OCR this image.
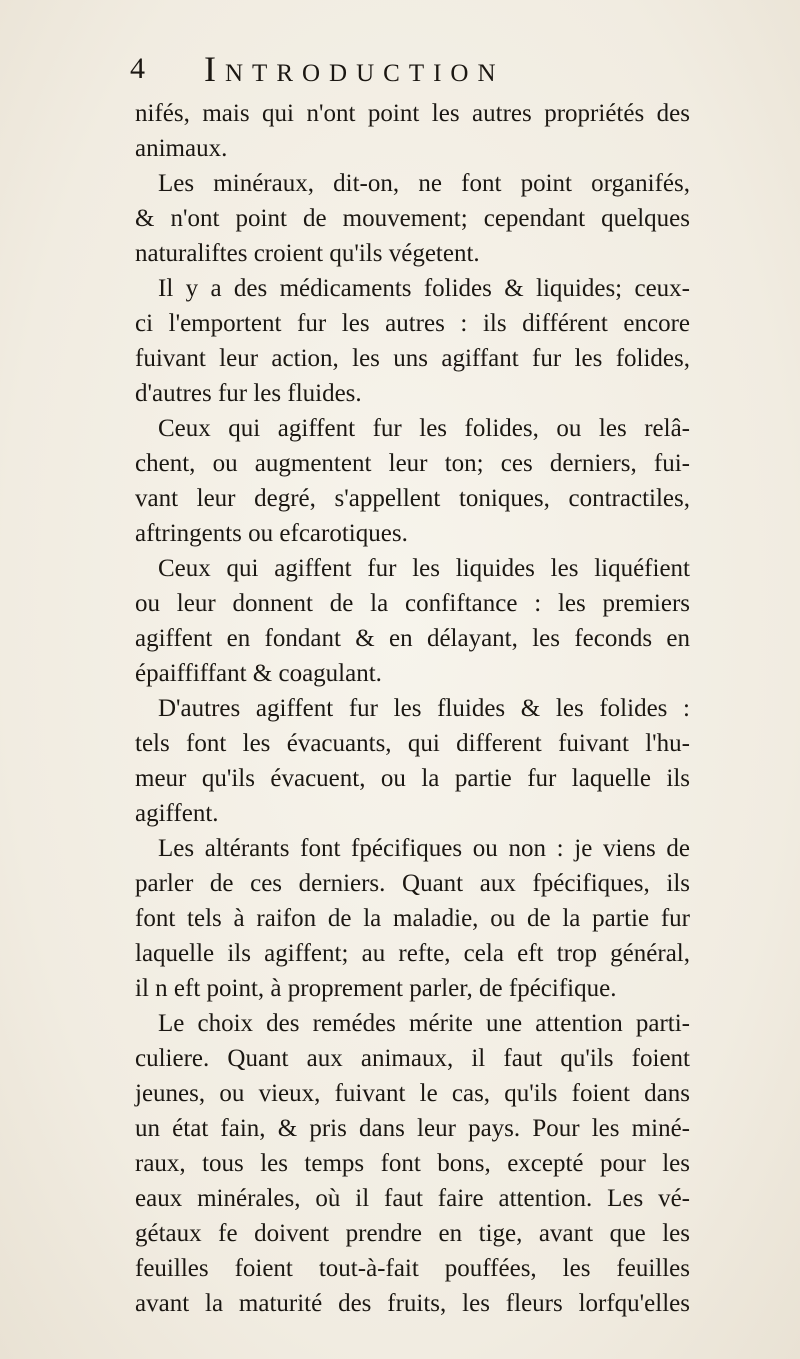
4 Introduction
nifés, mais qui n'ont point les autres propriétés des
animaux.
Les minéraux, dit-on, ne font point organifés,
& n'ont point de mouvement; cependant quelques
naturaliftes croient qu'ils végetent.
Il y a des médicaments folides & liquides; ceux-
ci l'emportent fur les autres : ils différent encore
fuivant leur action, les uns agiffant fur les folides,
d'autres fur les fluides.
Ceux qui agiffent fur les folides, ou les relâ-
chent, ou augmentent leur ton; ces derniers, fui-
vant leur degré, s'appellent toniques, contractiles,
aftringents ou efcarotiques.
Ceux qui agiffent fur les liquides les liquéfient
ou leur donnent de la confiftance : les premiers
agiffent en fondant & en délayant, les feconds en
épaiffiffant & coagulant.
D'autres agiffent fur les fluides & les folides :
tels font les évacuants, qui different fuivant l'hu-
meur qu'ils évacuent, ou la partie fur laquelle ils
agiffent.
Les altérants font fpécifiques ou non : je viens de
parler de ces derniers. Quant aux fpécifiques, ils
font tels à raifon de la maladie, ou de la partie fur
laquelle ils agiffent; au refte, cela eft trop général,
il n eft point, à proprement parler, de fpécifique.
Le choix des remédes mérite une attention parti-
culiere. Quant aux animaux, il faut qu'ils foient
jeunes, ou vieux, fuivant le cas, qu'ils foient dans
un état fain, & pris dans leur pays. Pour les miné-
raux, tous les temps font bons, excepté pour les
eaux minérales, où il faut faire attention. Les vé-
gétaux fe doivent prendre en tige, avant que les
feuilles foient tout-à-fait pouffées, les feuilles
avant la maturité des fruits, les fleurs lorfqu'elles
